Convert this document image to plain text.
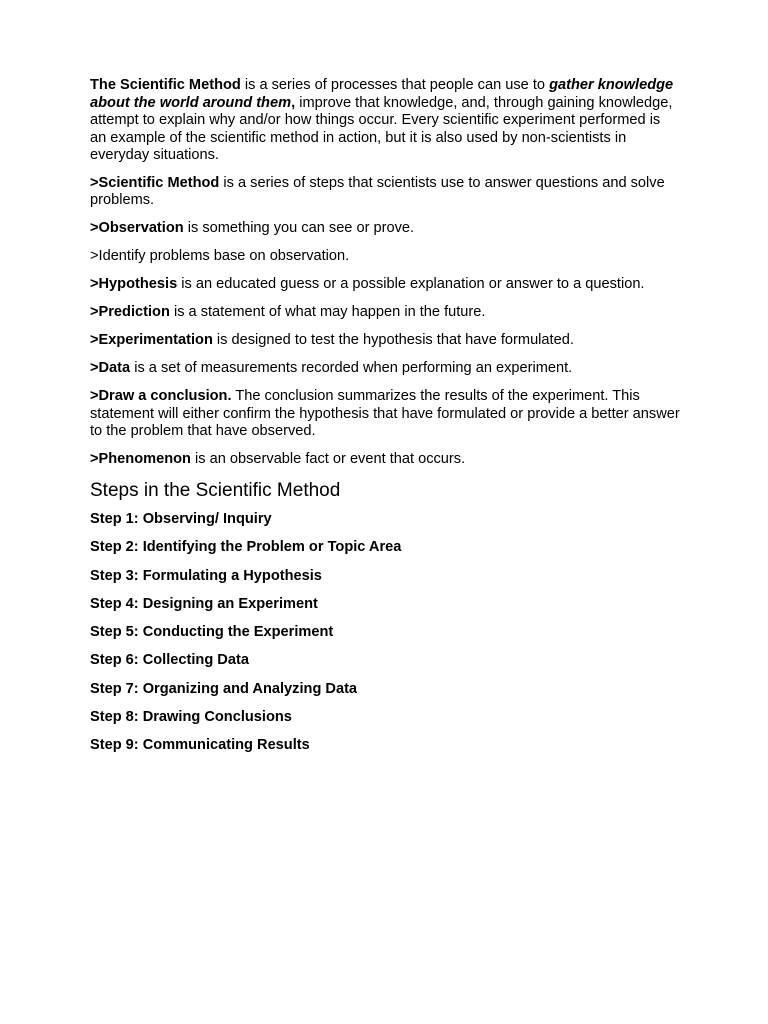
The Scientific Method is a series of processes that people can use to gather knowledge about the world around them, improve that knowledge, and, through gaining knowledge, attempt to explain why and/or how things occur. Every scientific experiment performed is an example of the scientific method in action, but it is also used by non-scientists in everyday situations.

>Scientific Method is a series of steps that scientists use to answer questions and solve problems.

>Observation is something you can see or prove.

>Identify problems base on observation.

>Hypothesis is an educated guess or a possible explanation or answer to a question.

>Prediction is a statement of what may happen in the future.

>Experimentation is designed to test the hypothesis that have formulated.

>Data is a set of measurements recorded when performing an experiment.

>Draw a conclusion. The conclusion summarizes the results of the experiment. This statement will either confirm the hypothesis that have formulated or provide a better answer to the problem that have observed.

>Phenomenon is an observable fact or event that occurs.

Steps in the Scientific Method

Step 1: Observing/ Inquiry

Step 2: Identifying the Problem or Topic Area

Step 3: Formulating a Hypothesis

Step 4: Designing an Experiment

Step 5: Conducting the Experiment

Step 6: Collecting Data

Step 7: Organizing and Analyzing Data

Step 8: Drawing Conclusions

Step 9: Communicating Results
